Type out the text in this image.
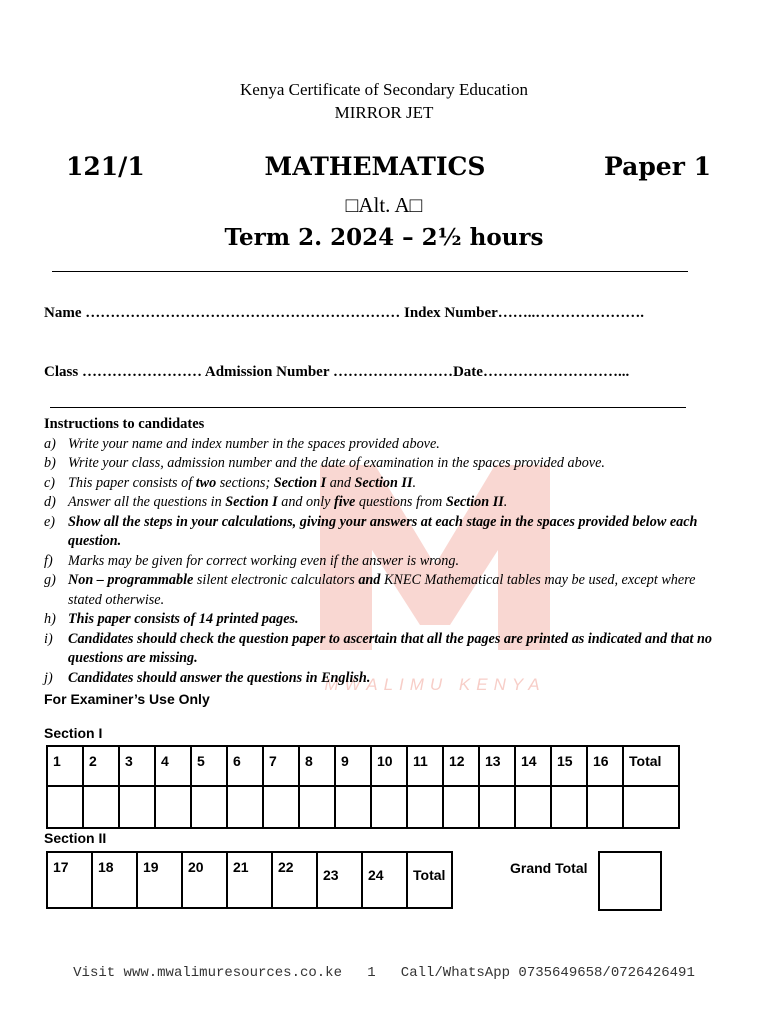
MWALIMU KENYA
Kenya Certificate of Secondary Education
MIRROR JET
121/1	MATHEMATICS	Paper 1
□Alt. A□
Term 2. 2024 – 2½ hours
Name ……………………………………………………… Index Number……..………………….
Class …………………… Admission Number ……………………Date………………………...
Instructions to candidates
a) Write your name and index number in the spaces provided above.
b) Write your class, admission number and the date of examination in the spaces provided above.
c) This paper consists of two sections; Section I and Section II.
d) Answer all the questions in Section I and only five questions from Section II.
e) Show all the steps in your calculations, giving your answers at each stage in the spaces provided below each question.
f)	Marks may be given for correct working even if the answer is wrong.
g) Non – programmable silent electronic calculators and KNEC Mathematical tables may be used, except where stated otherwise.
h) This paper consists of 14 printed pages.
i)	Candidates should check the question paper to ascertain that all the pages are printed as indicated and that no questions are missing.
j)	Candidates should answer the questions in English.
For Examiner’s Use Only
Section I
1	2	3	4	5	6	7	8	9	10	11	12	13	14	15	16	Total

Section II
17	18	19	20	21	22	23	24	Total	Grand Total
Visit www.mwalimuresources.co.ke   1   Call/WhatsApp 0735649658/0726426491
